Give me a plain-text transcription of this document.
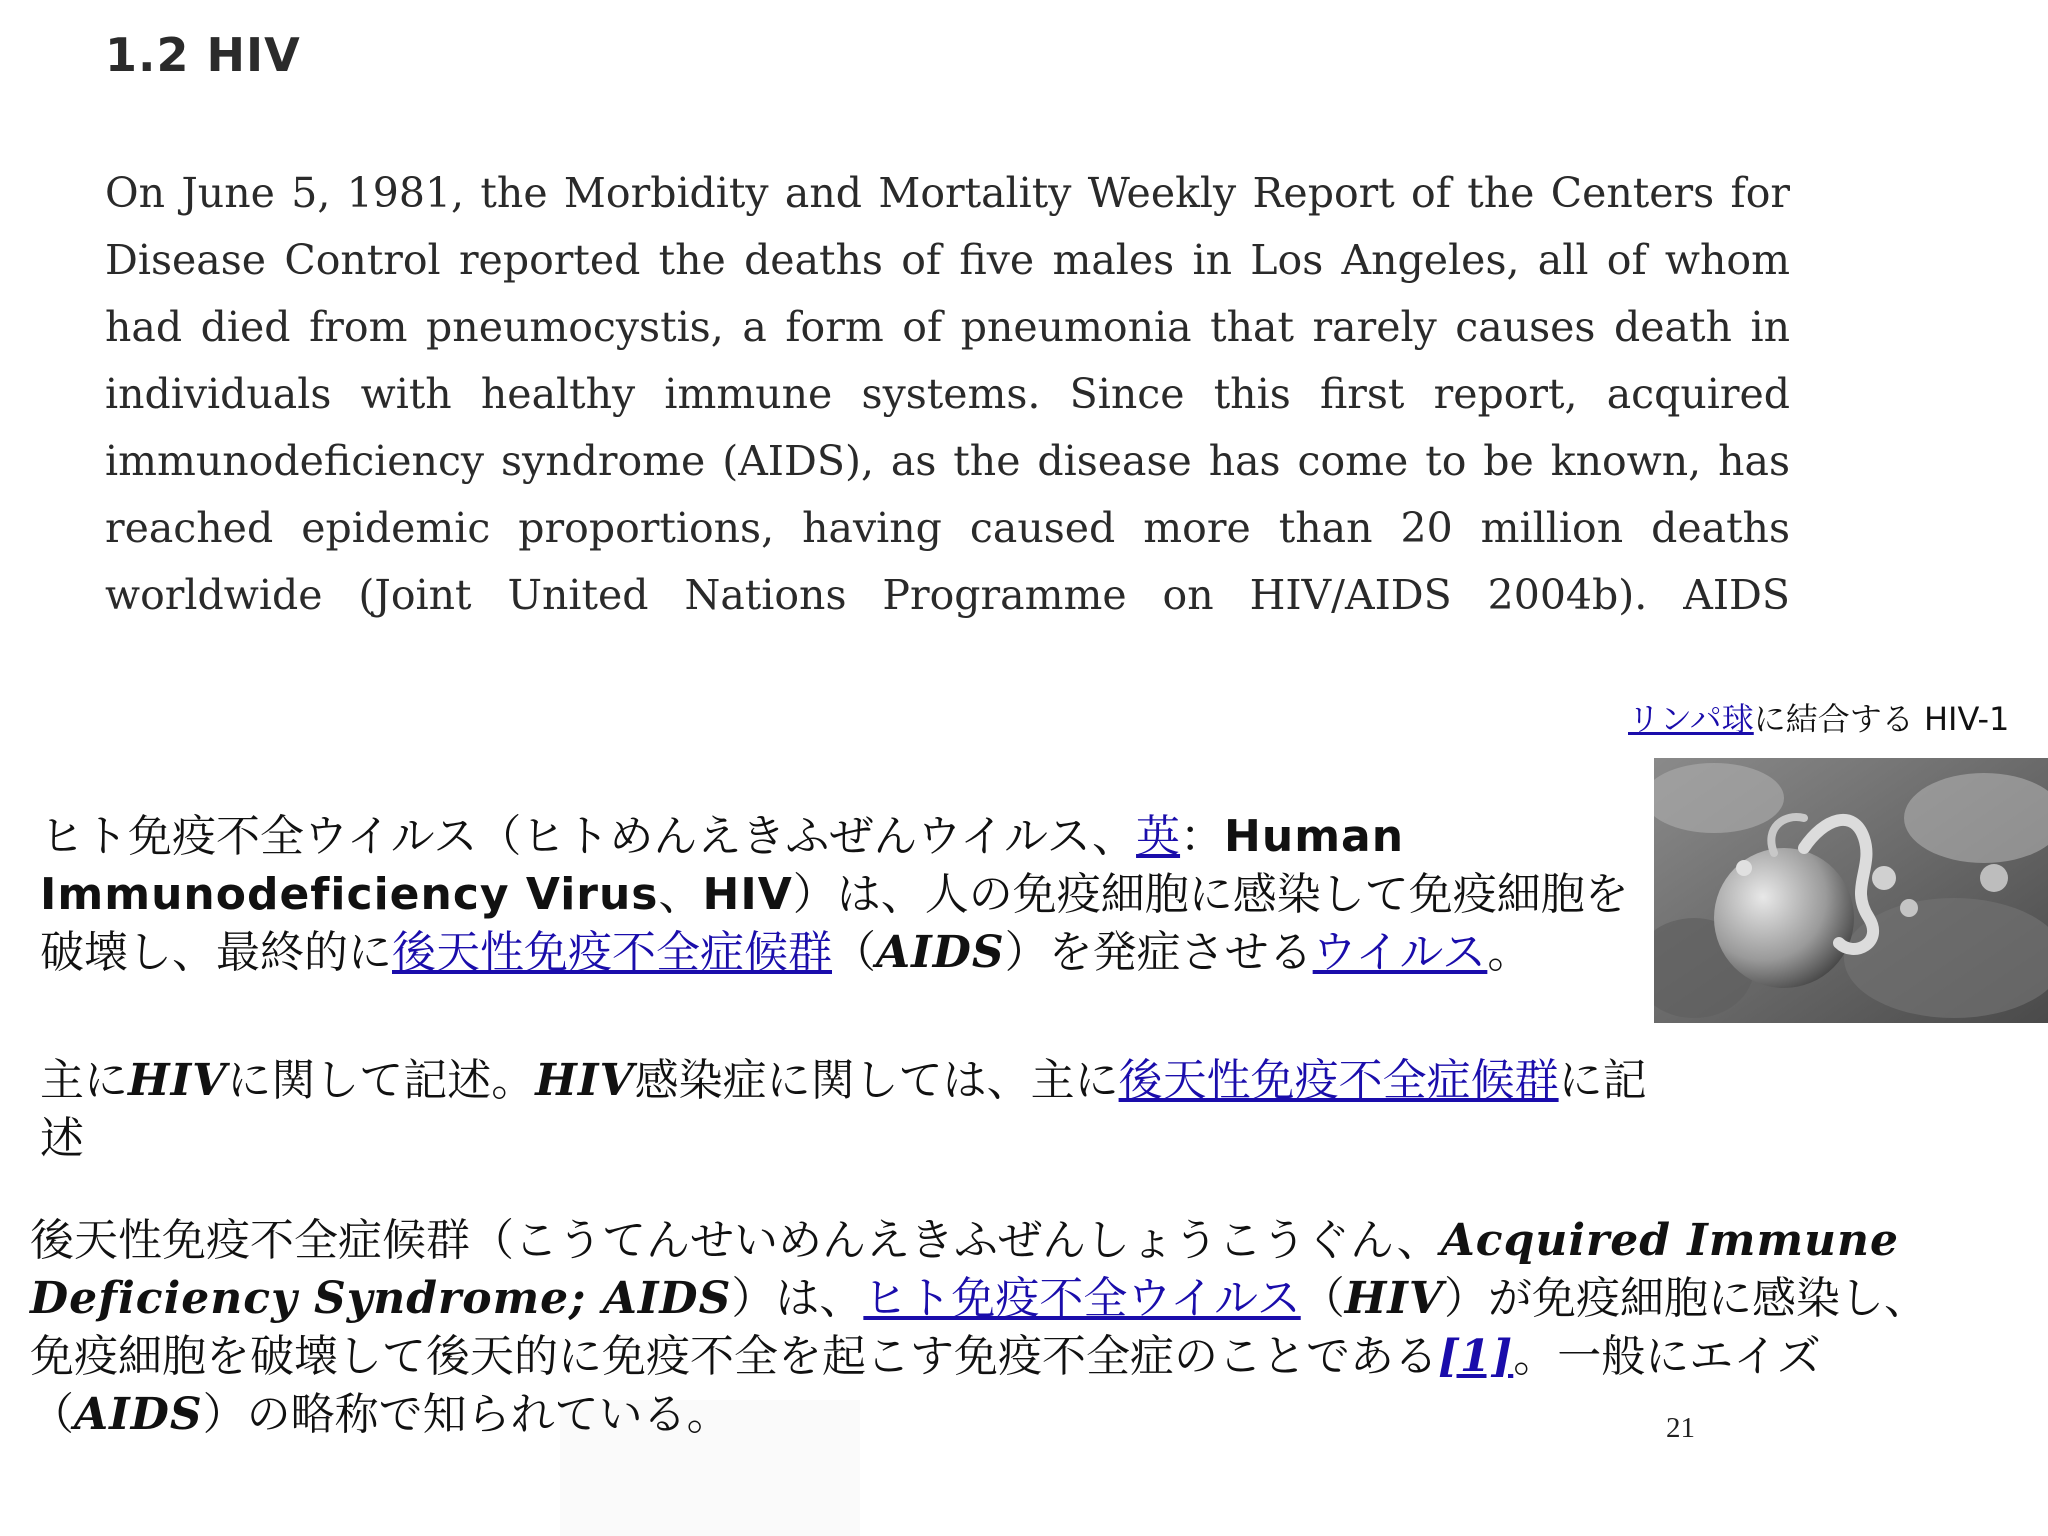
1.2 HIV
On June 5, 1981, the Morbidity and Mortality Weekly Report of the Centers for
Disease Control reported the deaths of five males in Los Angeles, all of whom
had died from pneumocystis, a form of pneumonia that rarely causes death in
individuals with healthy immune systems. Since this first report, acquired
immunodeficiency syndrome (AIDS), as the disease has come to be known, has
reached epidemic proportions, having caused more than 20 million deaths
worldwide (Joint United Nations Programme on HIV/AIDS 2004b). AIDS
リンパ球に結合する HIV-1
ヒト免疫不全ウイルス（ヒトめんえきふぜんウイルス、英：Human Immunodeficiency Virus、HIV）は、人の免疫細胞に感染して免疫細胞を破壊し、最終的に後天性免疫不全症候群（AIDS）を発症させるウイルス。
主にHIVに関して記述。HIV感染症に関しては、主に後天性免疫不全症候群に記述
後天性免疫不全症候群（こうてんせいめんえきふぜんしょうこうぐん、Acquired Immune Deficiency Syndrome; AIDS）は、ヒト免疫不全ウイルス（HIV）が免疫細胞に感染し、免疫細胞を破壊して後天的に免疫不全を起こす免疫不全症のことである[1]。一般にエイズ（AIDS）の略称で知られている。	21
